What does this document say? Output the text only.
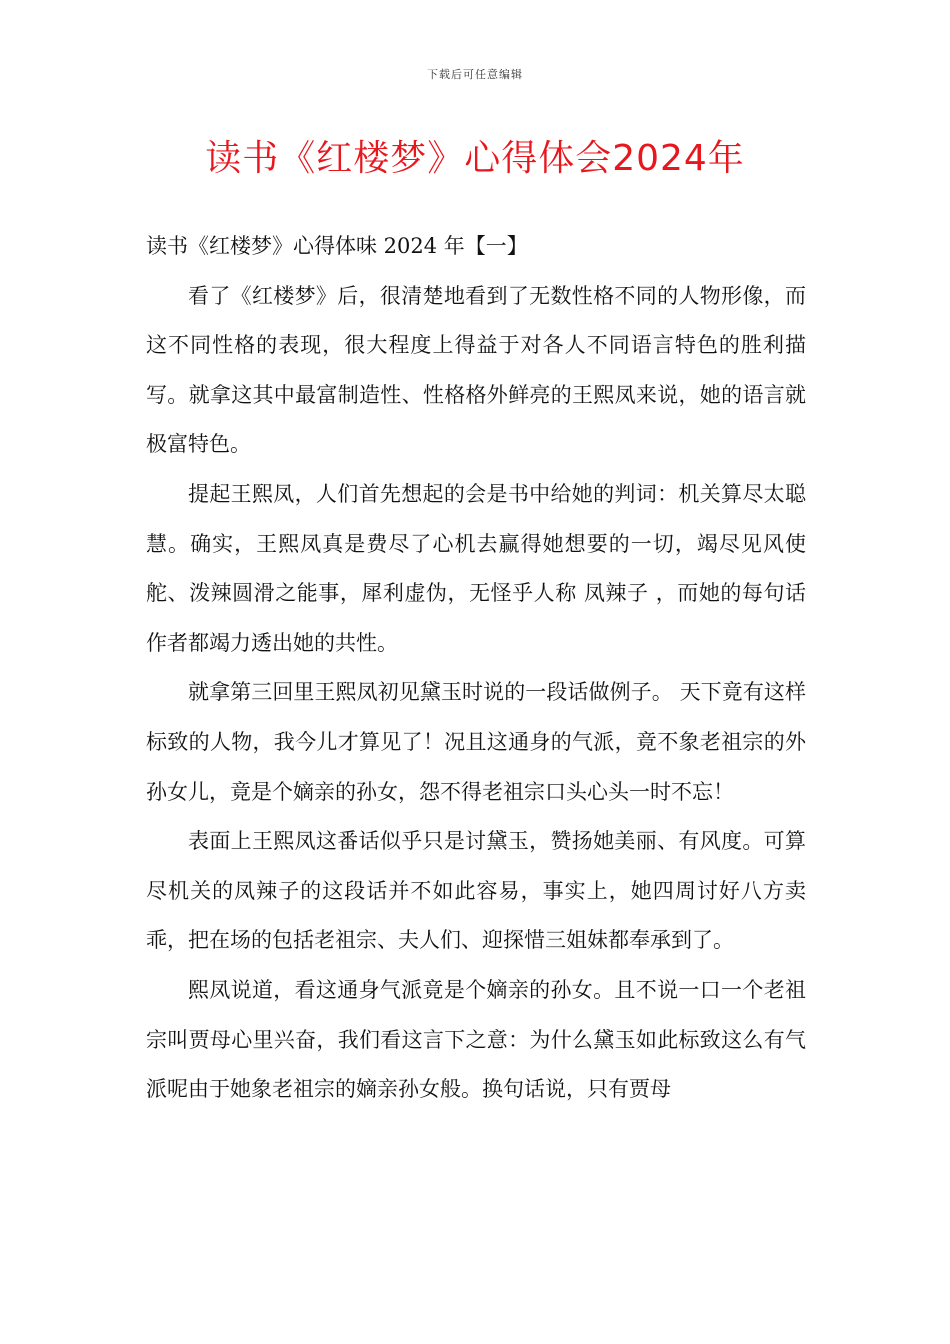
下载后可任意编辑
读书《红楼梦》心得体会2024年

读书《红楼梦》心得体味 2024 年【一】

看了《红楼梦》后，很清楚地看到了无数性格不同的人物形像，而这不同性格的表现，很大程度上得益于对各人不同语言特色的胜利描写。就拿这其中最富制造性、性格格外鲜亮的王熙凤来说，她的语言就极富特色。

提起王熙凤，人们首先想起的会是书中给她的判词：机关算尽太聪慧。确实，王熙凤真是费尽了心机去赢得她想要的一切，竭尽见风使舵、泼辣圆滑之能事，犀利虚伪，无怪乎人称 凤辣子 ，而她的每句话作者都竭力透出她的共性。

就拿第三回里王熙凤初见黛玉时说的一段话做例子。 天下竟有这样标致的人物，我今儿才算见了！况且这通身的气派，竟不象老祖宗的外孙女儿，竟是个嫡亲的孙女，怨不得老祖宗口头心头一时不忘！

表面上王熙凤这番话似乎只是讨黛玉，赞扬她美丽、有风度。可算尽机关的凤辣子的这段话并不如此容易，事实上，她四周讨好八方卖乖，把在场的包括老祖宗、夫人们、迎探惜三姐妹都奉承到了。

熙凤说道，看这通身气派竟是个嫡亲的孙女。且不说一口一个老祖宗叫贾母心里兴奋，我们看这言下之意：为什么黛玉如此标致这么有气派呢由于她象老祖宗的嫡亲孙女般。换句话说，只有贾母
